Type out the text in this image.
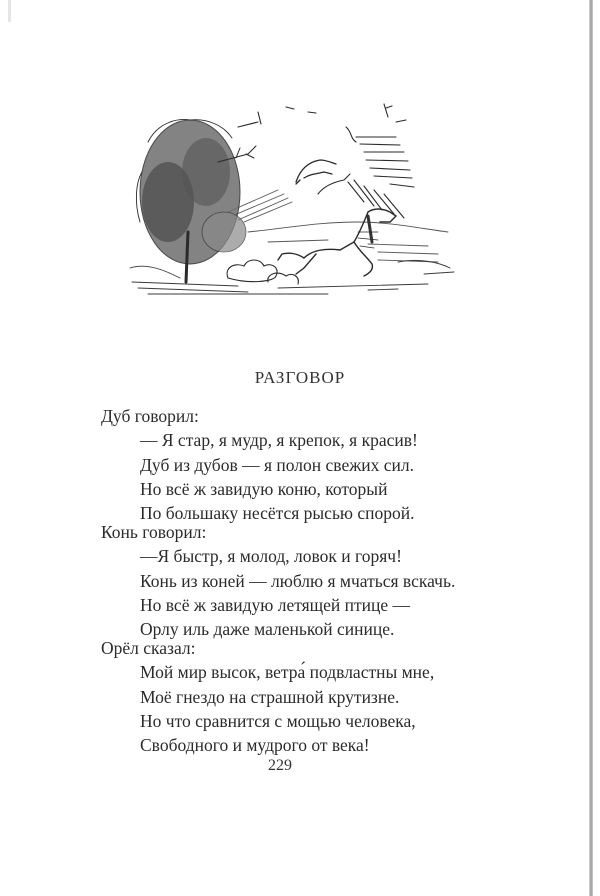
РАЗГОВОР
Дуб говорил:
— Я стар, я мудр, я крепок, я красив!
Дуб из дубов — я полон свежих сил.
Но всё ж завидую коню, который
По большаку несётся рысью спорой.
Конь говорил:
—Я быстр, я молод, ловок и горяч!
Конь из коней — люблю я мчаться вскачь.
Но всё ж завидую летящей птице —
Орлу иль даже маленькой синице.
Орёл сказал:
Мой мир высок, ветра́ подвластны мне,
Моё гнездо на страшной крутизне.
Но что сравнится с мощью человека,
Свободного и мудрого от века!
229
